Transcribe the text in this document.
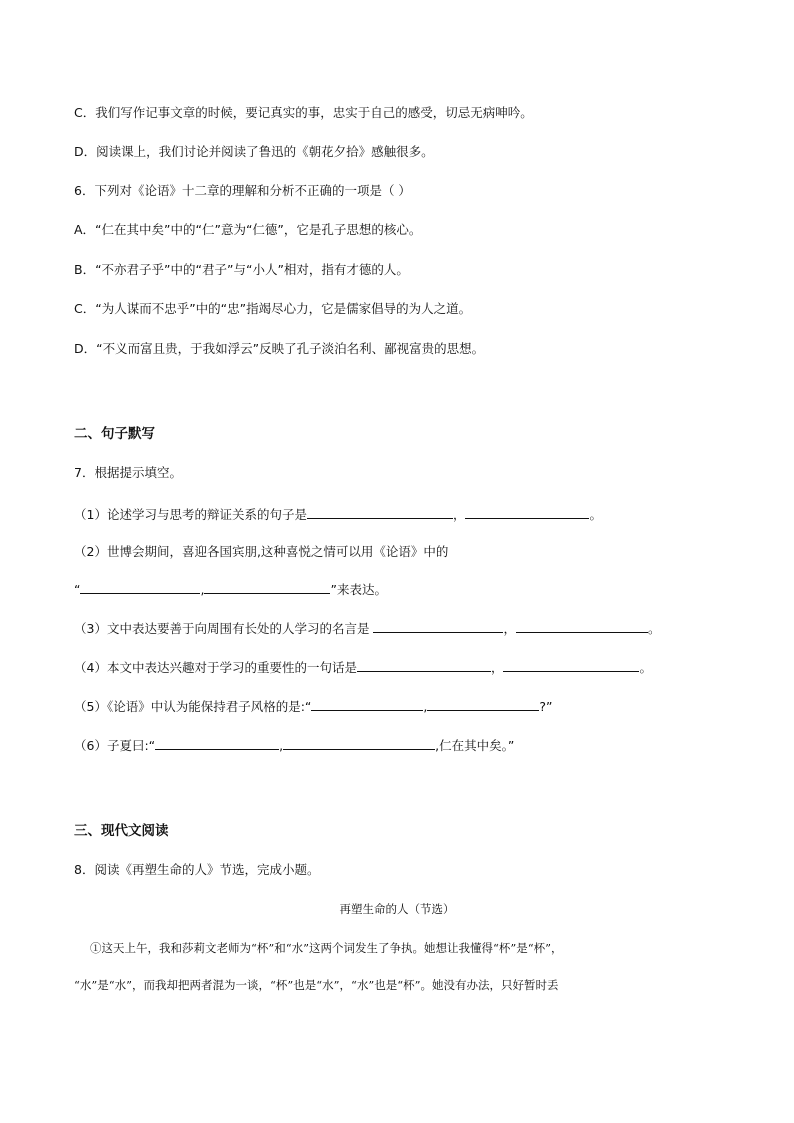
C．我们写作记事文章的时候，要记真实的事，忠实于自己的感受，切忌无病呻吟。
D．阅读课上，我们讨论并阅读了鲁迅的《朝花夕拾》感触很多。
6．下列对《论语》十二章的理解和分析不正确的一项是（ ）
A．“仁在其中矣”中的“仁”意为“仁德”，它是孔子思想的核心。
B．“不亦君子乎”中的“君子”与“小人”相对，指有才德的人。
C．“为人谋而不忠乎”中的“忠”指竭尽心力，它是儒家倡导的为人之道。
D．“不义而富且贵，于我如浮云”反映了孔子淡泊名利、鄙视富贵的思想。
二、句子默写
7．根据提示填空。
（1）论述学习与思考的辩证关系的句子是	，	。
（2）世博会期间，喜迎各国宾朋,这种喜悦之情可以用《论语》中的
“	,	”来表达。
（3）文中表达要善于向周围有长处的人学习的名言是	，	。
（4）本文中表达兴趣对于学习的重要性的一句话是	，	。
（5）《论语》中认为能保持君子风格的是:“	,	?”
（6）子夏曰:“	,	,仁在其中矣。”
三、现代文阅读
8．阅读《再塑生命的人》节选，完成小题。
再塑生命的人（节选）
①这天上午，我和莎莉文老师为“杯”和“水”这两个词发生了争执。她想让我懂得“杯”是“杯”，
“水”是“水”，而我却把两者混为一谈，“杯”也是“水”，“水”也是“杯”。她没有办法，只好暂时丢
